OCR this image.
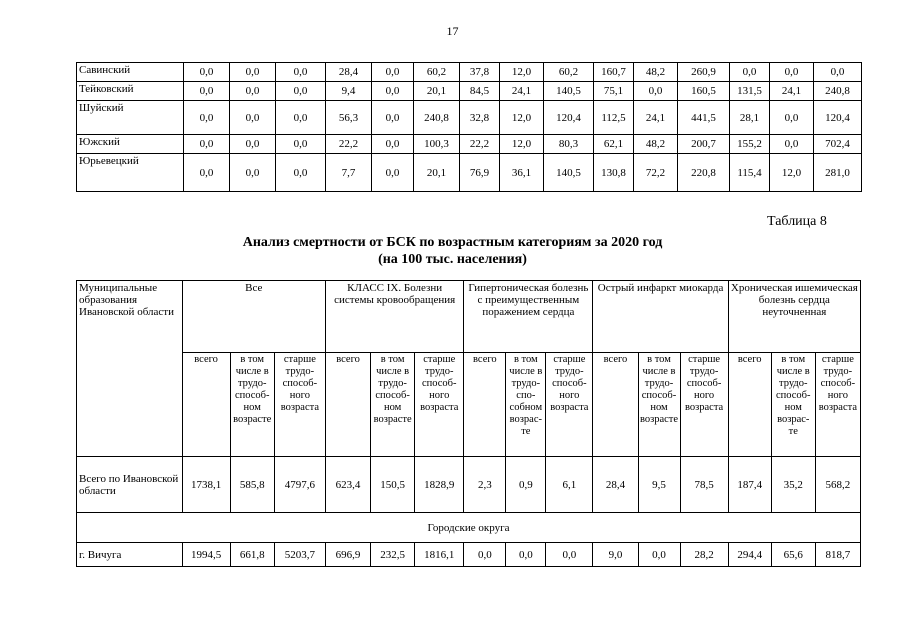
17
Савинский	0,0	0,0	0,0	28,4	0,0	60,2	37,8	12,0	60,2	160,7	48,2	260,9	0,0	0,0	0,0
Тейковский	0,0	0,0	0,0	9,4	0,0	20,1	84,5	24,1	140,5	75,1	0,0	160,5	131,5	24,1	240,8
Шуйский	0,0	0,0	0,0	56,3	0,0	240,8	32,8	12,0	120,4	112,5	24,1	441,5	28,1	0,0	120,4
Южский	0,0	0,0	0,0	22,2	0,0	100,3	22,2	12,0	80,3	62,1	48,2	200,7	155,2	0,0	702,4
Юрьевецкий	0,0	0,0	0,0	7,7	0,0	20,1	76,9	36,1	140,5	130,8	72,2	220,8	115,4	12,0	281,0
Таблица 8
Анализ смертности от БСК по возрастным категориям за 2020 год
(на 100 тыс. населения)
Муниципальные образования Ивановской области	Все			КЛАСС IX. Болезни системы кровообращения			Гипертоническая болезнь с преимущественным поражением сердца			Острый инфаркт миокарда			Хроническая ишемическая болезнь сердца неуточненная		
	всего	в том числе в трудо-способ-ном возрасте	старше трудо-способ-ного возраста	всего	в том числе в трудо-способ-ном возрасте	старше трудо-способ-ного возраста	всего	в том числе в трудо-спо-собном возрас-те	старше трудо-способ-ного возраста	всего	в том числе в трудо-способ-ном возрасте	старше трудо-способ-ного возраста	всего	в том числе в трудо-способ-ном возрас-те	старше трудо-способ-ного возраста
Всего по Ивановской области	1738,1	585,8	4797,6	623,4	150,5	1828,9	2,3	0,9	6,1	28,4	9,5	78,5	187,4	35,2	568,2
Городские округа															
г. Вичуга	1994,5	661,8	5203,7	696,9	232,5	1816,1	0,0	0,0	0,0	9,0	0,0	28,2	294,4	65,6	818,7
